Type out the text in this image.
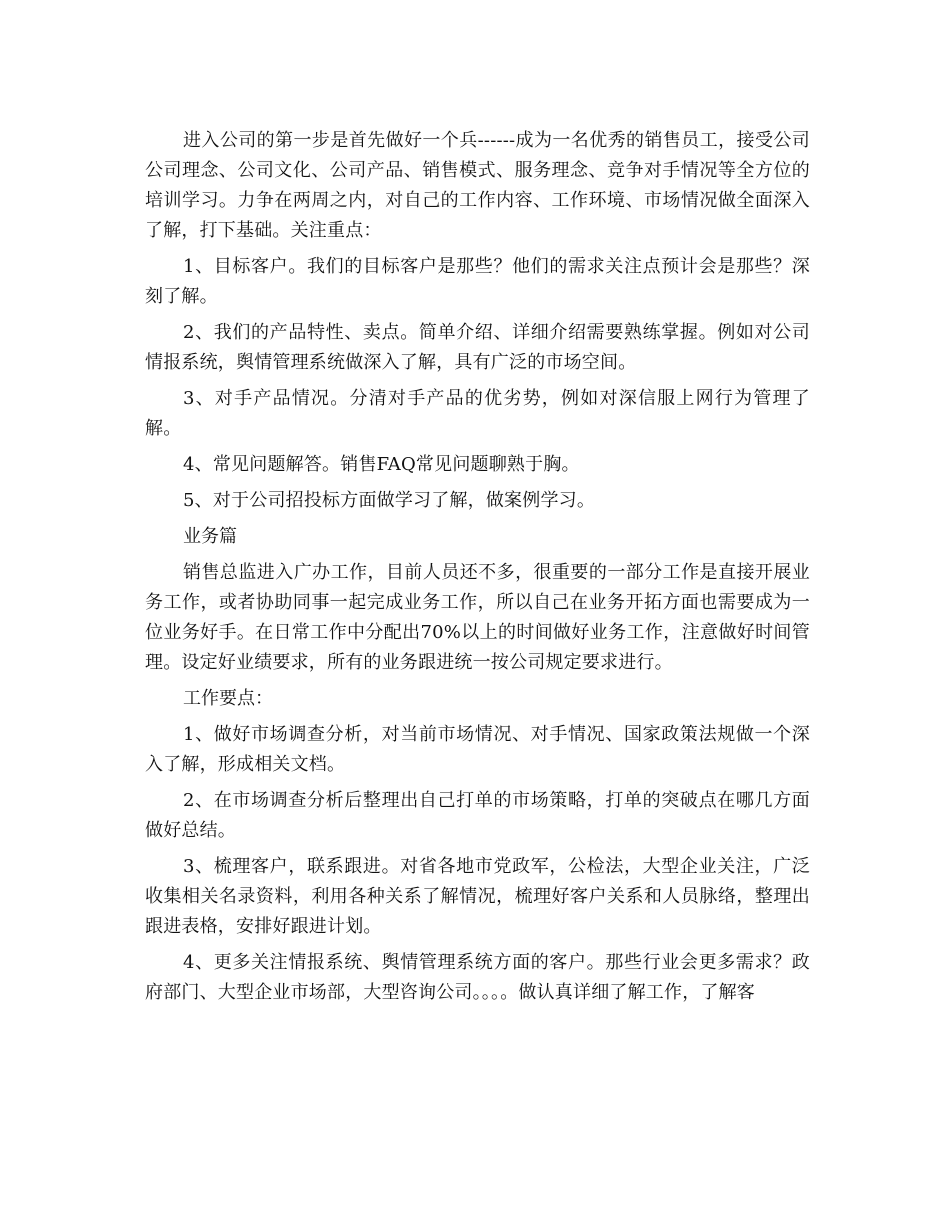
进入公司的第一步是首先做好一个兵------成为一名优秀的销售员工，接受公司公司理念、公司文化、公司产品、销售模式、服务理念、竞争对手情况等全方位的培训学习。力争在两周之内，对自己的工作内容、工作环境、市场情况做全面深入了解，打下基础。关注重点：

1、目标客户。我们的目标客户是那些？他们的需求关注点预计会是那些？深刻了解。

2、我们的产品特性、卖点。简单介绍、详细介绍需要熟练掌握。例如对公司情报系统，舆情管理系统做深入了解，具有广泛的市场空间。

3、对手产品情况。分清对手产品的优劣势，例如对深信服上网行为管理了解。

4、常见问题解答。销售FAQ常见问题聊熟于胸。

5、对于公司招投标方面做学习了解，做案例学习。

业务篇

销售总监进入广办工作，目前人员还不多，很重要的一部分工作是直接开展业务工作，或者协助同事一起完成业务工作，所以自己在业务开拓方面也需要成为一位业务好手。在日常工作中分配出70%以上的时间做好业务工作，注意做好时间管理。设定好业绩要求，所有的业务跟进统一按公司规定要求进行。

工作要点：

1、做好市场调查分析，对当前市场情况、对手情况、国家政策法规做一个深入了解，形成相关文档。

2、在市场调查分析后整理出自己打单的市场策略，打单的突破点在哪几方面做好总结。

3、梳理客户，联系跟进。对省各地市党政军，公检法，大型企业关注，广泛收集相关名录资料，利用各种关系了解情况，梳理好客户关系和人员脉络，整理出跟进表格，安排好跟进计划。

4、更多关注情报系统、舆情管理系统方面的客户。那些行业会更多需求？政府部门、大型企业市场部，大型咨询公司。。。。做认真详细了解工作，了解客
